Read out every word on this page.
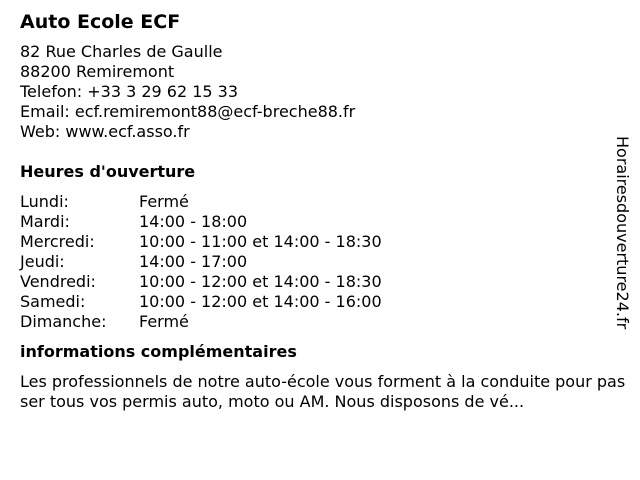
Auto Ecole ECF
82 Rue Charles de Gaulle
88200 Remiremont
Telefon: +33 3 29 62 15 33
Email: ecf.remiremont88@ecf-breche88.fr
Web: www.ecf.asso.fr
Heures d'ouverture
Lundi:	Fermé
Mardi:	14:00 - 18:00
Mercredi:	10:00 - 11:00 et 14:00 - 18:30
Jeudi:	14:00 - 17:00
Vendredi:	10:00 - 12:00 et 14:00 - 18:30
Samedi:	10:00 - 12:00 et 14:00 - 16:00
Dimanche:	Fermé
informations complémentaires
Les professionnels de notre auto-école vous forment à la conduite pour passer tous vos permis auto, moto ou AM. Nous disposons de vé...
Horairesdouverture24.fr
